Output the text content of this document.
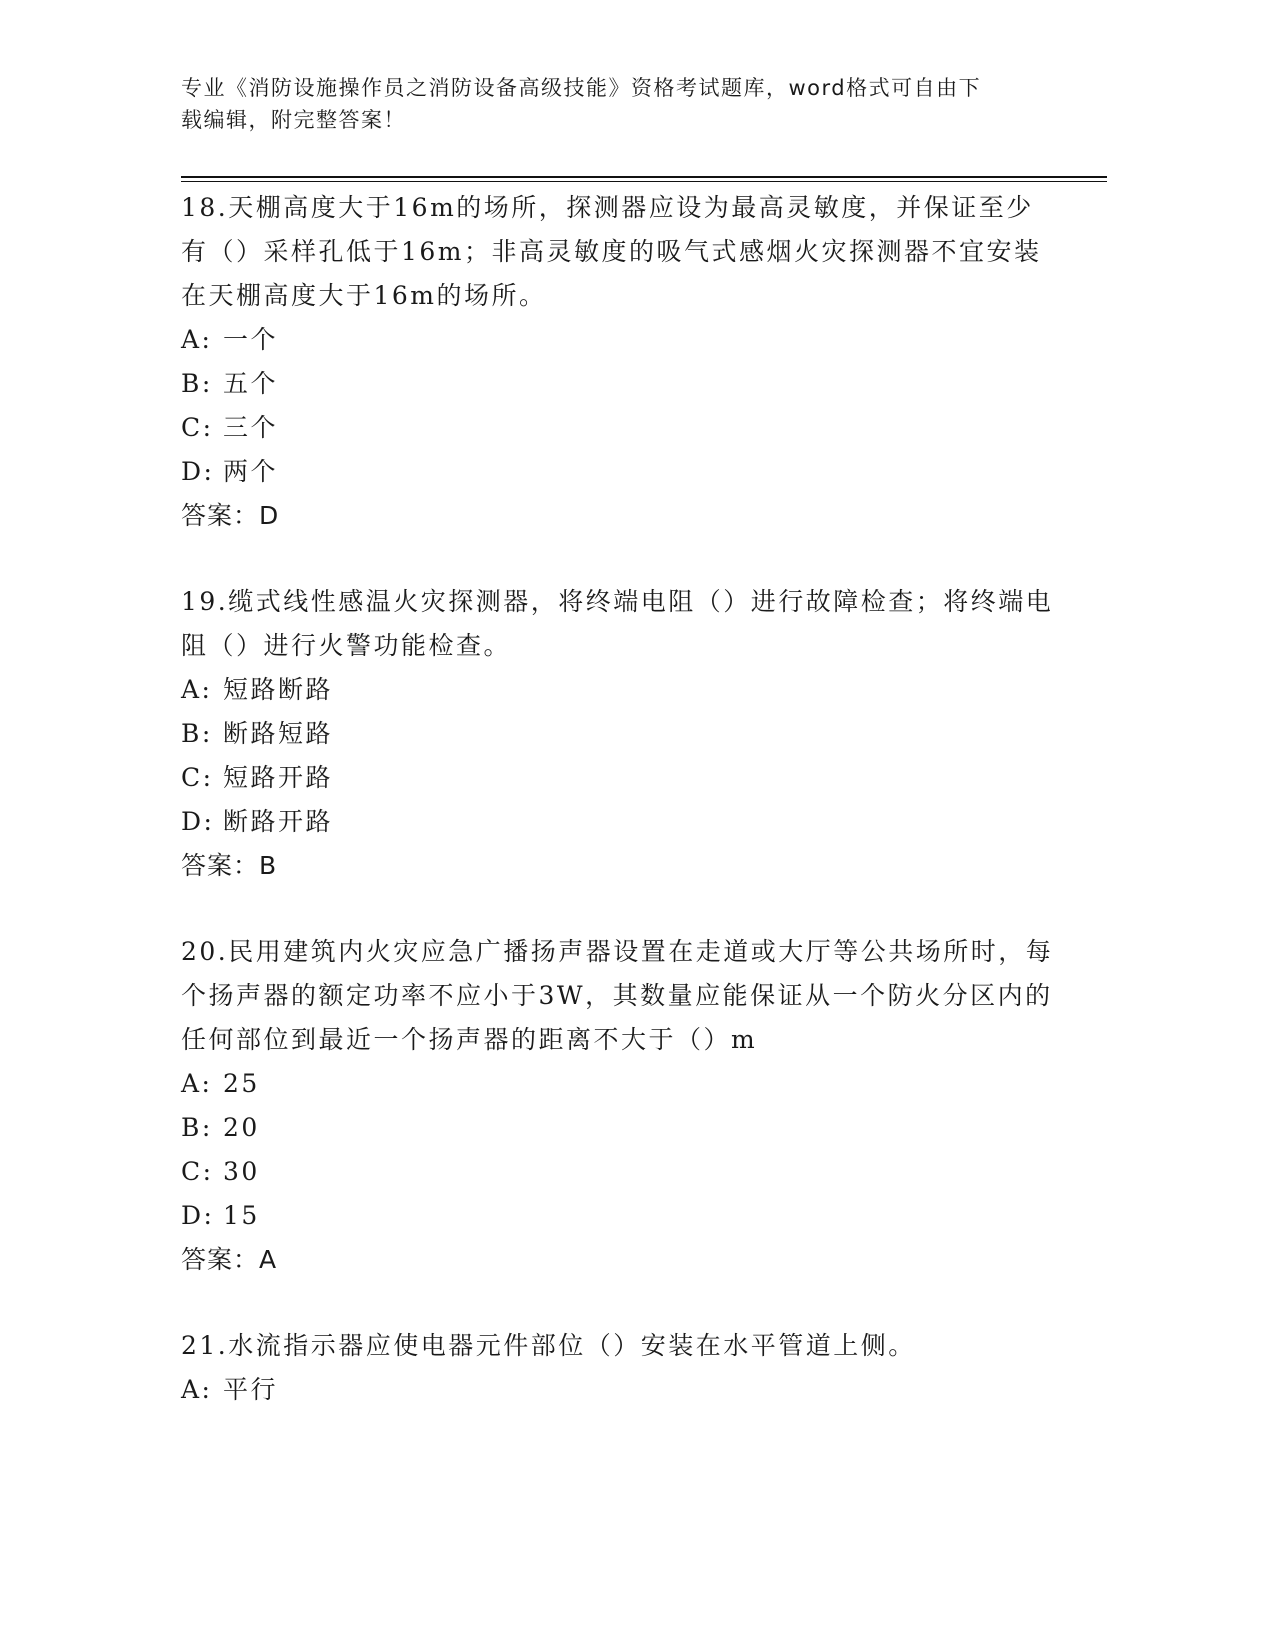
专业《消防设施操作员之消防设备高级技能》资格考试题库，word格式可自由下
载编辑，附完整答案！

18.天棚高度大于16m的场所，探测器应设为最高灵敏度，并保证至少有（）采样孔低于16m；非高灵敏度的吸气式感烟火灾探测器不宜安装在天棚高度大于16m的场所。

A: 一个
B: 五个
C: 三个
D: 两个

答案：D

19.缆式线性感温火灾探测器，将终端电阻（）进行故障检查；将终端电阻（）进行火警功能检查。

A: 短路断路
B: 断路短路
C: 短路开路
D: 断路开路

答案：B

20.民用建筑内火灾应急广播扬声器设置在走道或大厅等公共场所时，每个扬声器的额定功率不应小于3W，其数量应能保证从一个防火分区内的任何部位到最近一个扬声器的距离不大于（）m

A: 25
B: 20
C: 30
D: 15

答案：A

21.水流指示器应使电器元件部位（）安装在水平管道上侧。

A: 平行
